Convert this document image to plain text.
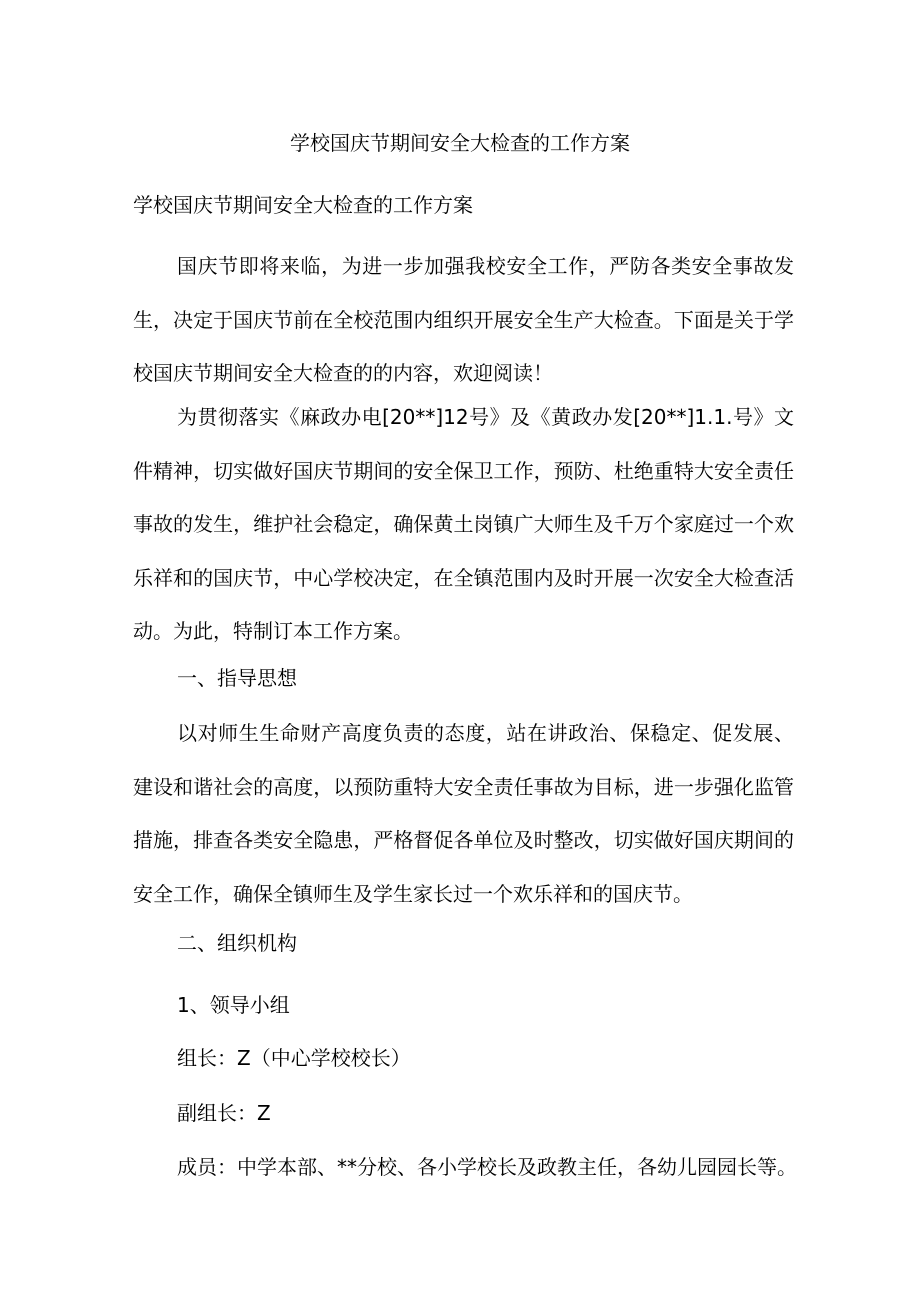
学校国庆节期间安全大检查的工作方案
学校国庆节期间安全大检查的工作方案

国庆节即将来临，为进一步加强我校安全工作，严防各类安全事故发生，决定于国庆节前在全校范围内组织开展安全生产大检查。下面是关于学校国庆节期间安全大检查的的内容，欢迎阅读！

为贯彻落实《麻政办电[20**]12号》及《黄政办发[20**]1.1.号》文件精神，切实做好国庆节期间的安全保卫工作，预防、杜绝重特大安全责任事故的发生，维护社会稳定，确保黄土岗镇广大师生及千万个家庭过一个欢乐祥和的国庆节，中心学校决定，在全镇范围内及时开展一次安全大检查活动。为此，特制订本工作方案。

一、指导思想

以对师生生命财产高度负责的态度，站在讲政治、保稳定、促发展、建设和谐社会的高度，以预防重特大安全责任事故为目标，进一步强化监管措施，排查各类安全隐患，严格督促各单位及时整改，切实做好国庆期间的安全工作，确保全镇师生及学生家长过一个欢乐祥和的国庆节。

二、组织机构
1、领导小组
组长：Z（中心学校校长）
副组长：Z
成员：中学本部、**分校、各小学校长及政教主任，各幼儿园园长等。
